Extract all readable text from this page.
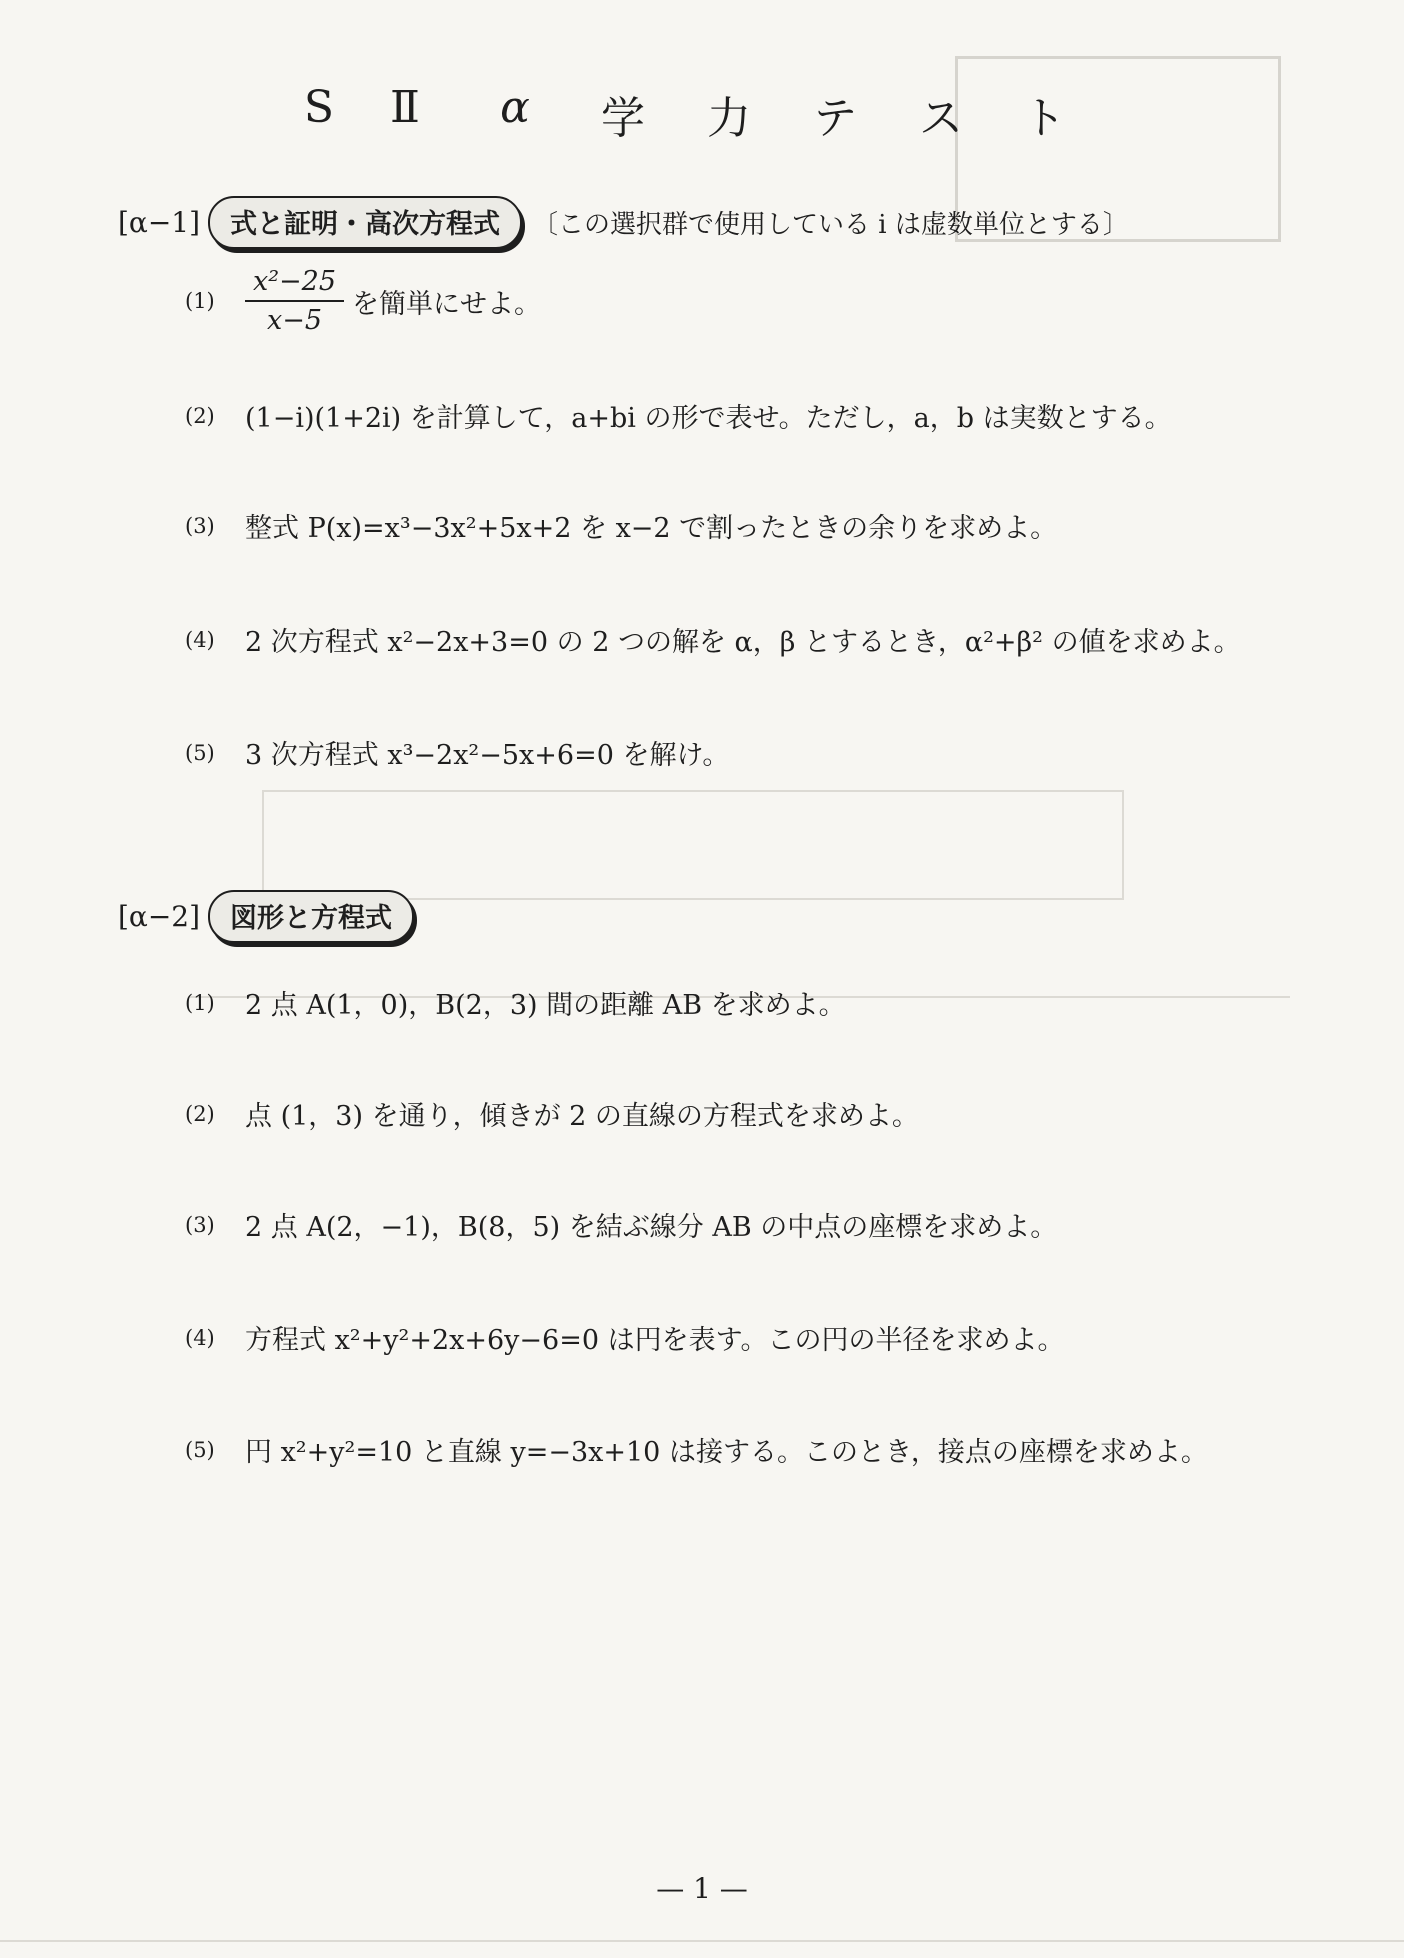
S	Ⅱ	α	学	力	テ	ス	ト
[α−1]	式と証明・高次方程式	〔この選択群で使用している i は虚数単位とする〕
(1)	$\frac{\text{x²−25}}{x-5}$ を簡単にせよ。
(2)	(1−i)(1+2i) を計算して，a+bi の形で表せ。ただし，a，b は実数とする。
(3)	整式 P(x)=x³−3x²+5x+2 を x−2 で割ったときの余りを求めよ。
(4)	2 次方程式 x²−2x+3=0 の 2 つの解を α，β とするとき，α²+β² の値を求めよ。
(5)	3 次方程式 x³−2x²−5x+6=0 を解け。
[α−2]	図形と方程式
(1)	2 点 A(1，0)，B(2，3) 間の距離 AB を求めよ。
(2)	点 (1，3) を通り，傾きが 2 の直線の方程式を求めよ。
(3)	2 点 A(2，−1)，B(8，5) を結ぶ線分 AB の中点の座標を求めよ。
(4)	方程式 x²+y²+2x+6y−6=0 は円を表す。この円の半径を求めよ。
(5)	円 x²+y²=10 と直線 y=−3x+10 は接する。このとき，接点の座標を求めよ。
— 1 —
